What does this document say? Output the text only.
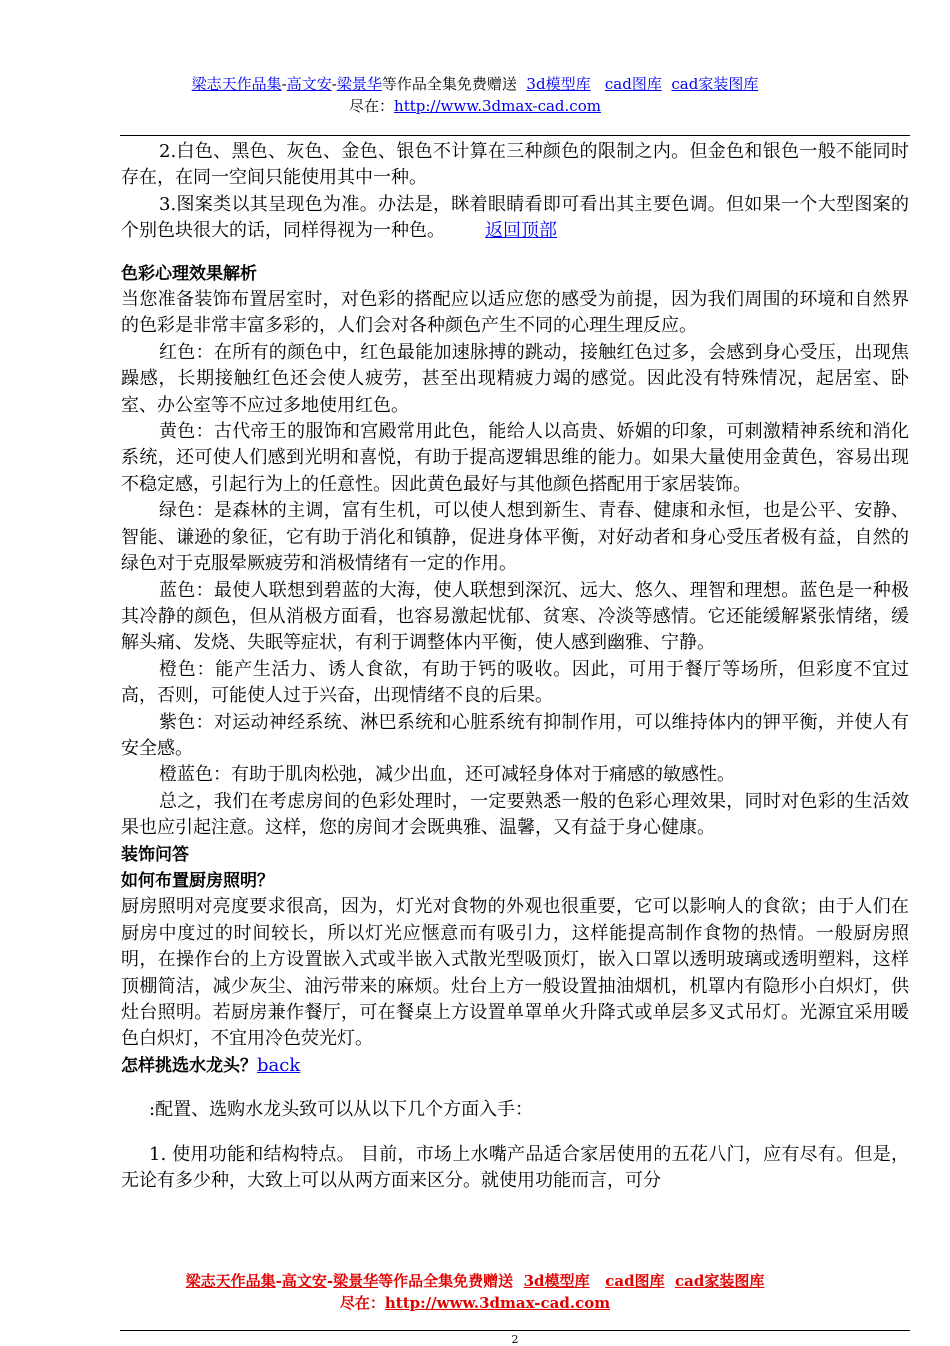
梁志天作品集-高文安-梁景华等作品全集免费赠送 3d模型库 cad图库 cad家装图库
尽在：http://www.3dmax-cad.com

2.白色、黑色、灰色、金色、银色不计算在三种颜色的限制之内。但金色和银色一般不能同时存在，在同一空间只能使用其中一种。

3.图案类以其呈现色为准。办法是，眯着眼睛看即可看出其主要色调。但如果一个大型图案的个别色块很大的话，同样得视为一种色。 返回顶部

色彩心理效果解析

当您准备装饰布置居室时，对色彩的搭配应以适应您的感受为前提，因为我们周围的环境和自然界的色彩是非常丰富多彩的，人们会对各种颜色产生不同的心理生理反应。

红色：在所有的颜色中，红色最能加速脉搏的跳动，接触红色过多，会感到身心受压，出现焦躁感，长期接触红色还会使人疲劳，甚至出现精疲力竭的感觉。因此没有特殊情况，起居室、卧室、办公室等不应过多地使用红色。

黄色：古代帝王的服饰和宫殿常用此色，能给人以高贵、娇媚的印象，可刺激精神系统和消化系统，还可使人们感到光明和喜悦，有助于提高逻辑思维的能力。如果大量使用金黄色，容易出现不稳定感，引起行为上的任意性。因此黄色最好与其他颜色搭配用于家居装饰。

绿色：是森林的主调，富有生机，可以使人想到新生、青春、健康和永恒，也是公平、安静、智能、谦逊的象征，它有助于消化和镇静，促进身体平衡，对好动者和身心受压者极有益，自然的绿色对于克服晕厥疲劳和消极情绪有一定的作用。

蓝色：最使人联想到碧蓝的大海，使人联想到深沉、远大、悠久、理智和理想。蓝色是一种极其冷静的颜色，但从消极方面看，也容易激起忧郁、贫寒、冷淡等感情。它还能缓解紧张情绪，缓解头痛、发烧、失眠等症状，有利于调整体内平衡，使人感到幽雅、宁静。

橙色：能产生活力、诱人食欲，有助于钙的吸收。因此，可用于餐厅等场所，但彩度不宜过高，否则，可能使人过于兴奋，出现情绪不良的后果。

紫色：对运动神经系统、淋巴系统和心脏系统有抑制作用，可以维持体内的钾平衡，并使人有安全感。

橙蓝色：有助于肌肉松弛，减少出血，还可减轻身体对于痛感的敏感性。

总之，我们在考虑房间的色彩处理时，一定要熟悉一般的色彩心理效果，同时对色彩的生活效果也应引起注意。这样，您的房间才会既典雅、温馨，又有益于身心健康。

装饰问答

如何布置厨房照明？

厨房照明对亮度要求很高，因为，灯光对食物的外观也很重要，它可以影响人的食欲；由于人们在厨房中度过的时间较长，所以灯光应惬意而有吸引力，这样能提高制作食物的热情。一般厨房照明，在操作台的上方设置嵌入式或半嵌入式散光型吸顶灯，嵌入口罩以透明玻璃或透明塑料，这样顶棚简洁，减少灰尘、油污带来的麻烦。灶台上方一般设置抽油烟机，机罩内有隐形小白炽灯，供灶台照明。若厨房兼作餐厅，可在餐桌上方设置单罩单火升降式或单层多叉式吊灯。光源宜采用暖色白炽灯，不宜用冷色荧光灯。

怎样挑选水龙头？back

:配置、选购水龙头致可以从以下几个方面入手：

1. 使用功能和结构特点。 目前，市场上水嘴产品适合家居使用的五花八门，应有尽有。但是，无论有多少种，大致上可以从两方面来区分。就使用功能而言，可分

梁志天作品集-高文安-梁景华等作品全集免费赠送 3d模型库 cad图库 cad家装图库
尽在：http://www.3dmax-cad.com
2
